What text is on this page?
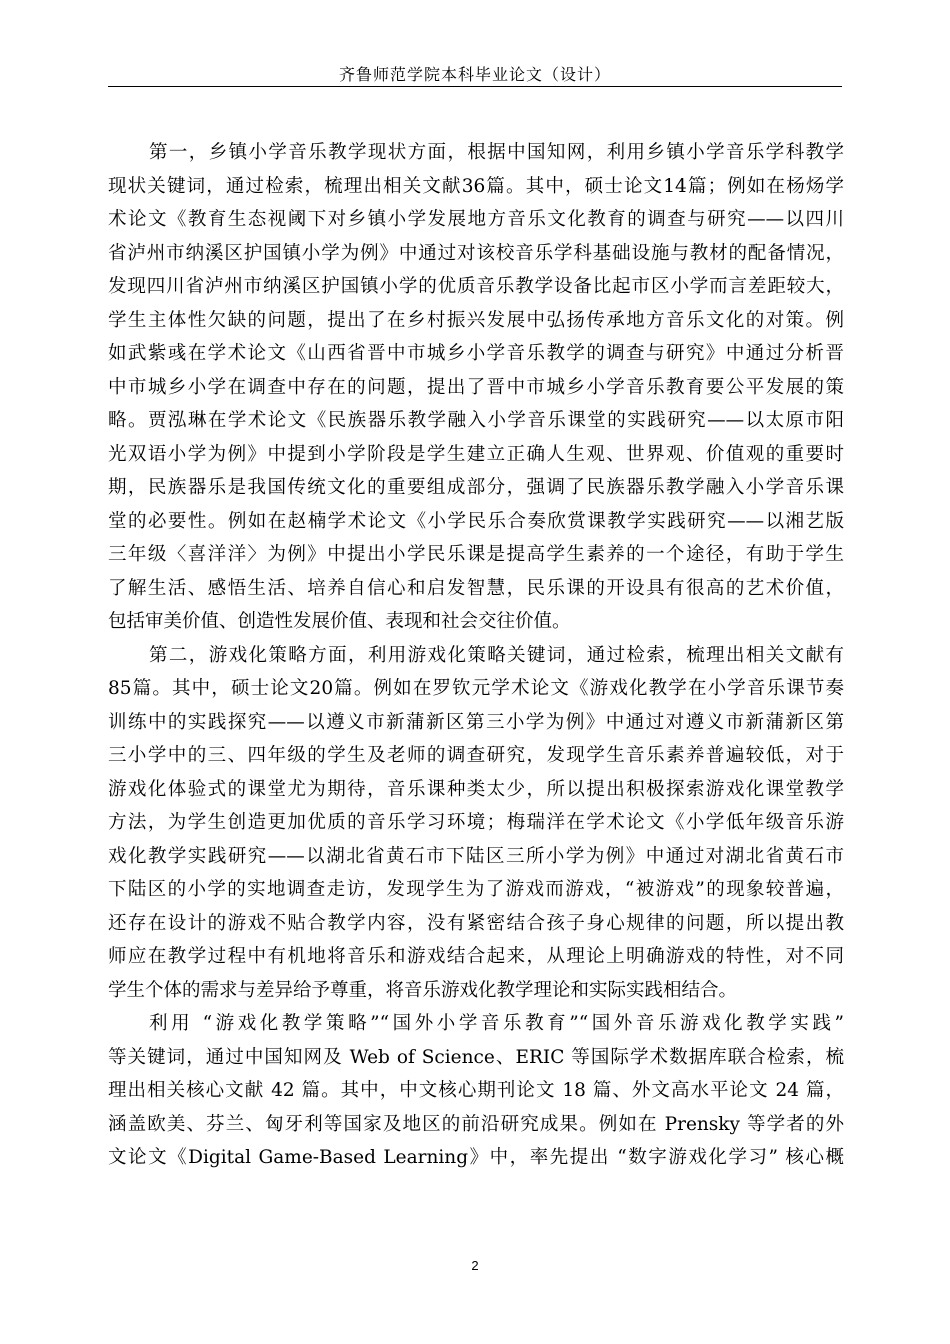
齐鲁师范学院本科毕业论文（设计）
第一，乡镇小学音乐教学现状方面，根据中国知网，利用乡镇小学音乐学科教学
现状关键词，通过检索，梳理出相关文献36篇。其中，硕士论文14篇；例如在杨炀学
术论文《教育生态视阈下对乡镇小学发展地方音乐文化教育的调查与研究——以四川
省泸州市纳溪区护国镇小学为例》中通过对该校音乐学科基础设施与教材的配备情况，
发现四川省泸州市纳溪区护国镇小学的优质音乐教学设备比起市区小学而言差距较大，
学生主体性欠缺的问题，提出了在乡村振兴发展中弘扬传承地方音乐文化的对策。例
如武紫彧在学术论文《山西省晋中市城乡小学音乐教学的调查与研究》中通过分析晋
中市城乡小学在调查中存在的问题，提出了晋中市城乡小学音乐教育要公平发展的策
略。贾泓琳在学术论文《民族器乐教学融入小学音乐课堂的实践研究——以太原市阳
光双语小学为例》中提到小学阶段是学生建立正确人生观、世界观、价值观的重要时
期，民族器乐是我国传统文化的重要组成部分，强调了民族器乐教学融入小学音乐课
堂的必要性。例如在赵楠学术论文《小学民乐合奏欣赏课教学实践研究——以湘艺版
三年级〈喜洋洋〉为例》中提出小学民乐课是提高学生素养的一个途径，有助于学生
了解生活、感悟生活、培养自信心和启发智慧，民乐课的开设具有很高的艺术价值，
包括审美价值、创造性发展价值、表现和社会交往价值。
第二，游戏化策略方面，利用游戏化策略关键词，通过检索，梳理出相关文献有
85篇。其中，硕士论文20篇。例如在罗钦元学术论文《游戏化教学在小学音乐课节奏
训练中的实践探究——以遵义市新蒲新区第三小学为例》中通过对遵义市新蒲新区第
三小学中的三、四年级的学生及老师的调查研究，发现学生音乐素养普遍较低，对于
游戏化体验式的课堂尤为期待，音乐课种类太少，所以提出积极探索游戏化课堂教学
方法，为学生创造更加优质的音乐学习环境；梅瑞洋在学术论文《小学低年级音乐游
戏化教学实践研究——以湖北省黄石市下陆区三所小学为例》中通过对湖北省黄石市
下陆区的小学的实地调查走访，发现学生为了游戏而游戏，“被游戏”的现象较普遍，
还存在设计的游戏不贴合教学内容，没有紧密结合孩子身心规律的问题，所以提出教
师应在教学过程中有机地将音乐和游戏结合起来，从理论上明确游戏的特性，对不同
学生个体的需求与差异给予尊重，将音乐游戏化教学理论和实际实践相结合。
利用 “游戏化教学策略”“国外小学音乐教育”“国外音乐游戏化教学实践”
等关键词，通过中国知网及 Web of Science、ERIC 等国际学术数据库联合检索，梳
理出相关核心文献 42 篇。其中，中文核心期刊论文 18 篇、外文高水平论文 24 篇，
涵盖欧美、芬兰、匈牙利等国家及地区的前沿研究成果。例如在 Prensky 等学者的外
文论文《Digital Game-Based Learning》中，率先提出 “数字游戏化学习” 核心概
2
